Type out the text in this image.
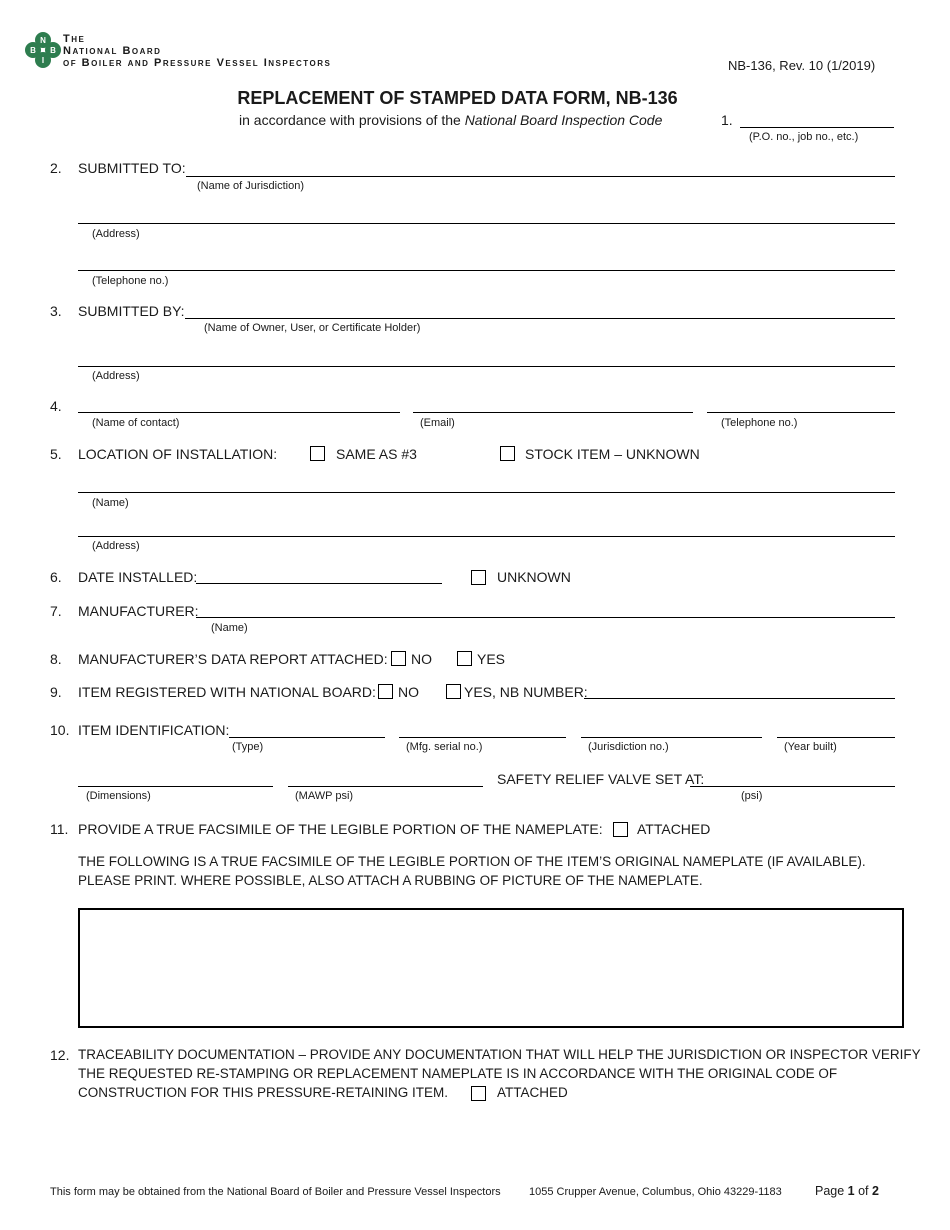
N
B B
I
The
National Board
of Boiler and Pressure Vessel Inspectors	NB-136, Rev. 10 (1/2019)
REPLACEMENT OF STAMPED DATA FORM, NB-136
in accordance with provisions of the National Board Inspection Code	1.
(P.O. no., job no., etc.)
2. SUBMITTED TO:
(Name of Jurisdiction)
(Address)
(Telephone no.)
3. SUBMITTED BY:
(Name of Owner, User, or Certificate Holder)
(Address)
4.
(Name of contact)	(Email)	(Telephone no.)
5. LOCATION OF INSTALLATION:	SAME AS #3	STOCK ITEM – UNKNOWN
(Name)
(Address)
6. DATE INSTALLED:	UNKNOWN
7. MANUFACTURER:
(Name)
8. MANUFACTURER’S DATA REPORT ATTACHED: NO	YES
9. ITEM REGISTERED WITH NATIONAL BOARD: NO	YES, NB NUMBER:
10. ITEM IDENTIFICATION:
(Type)	(Mfg. serial no.)	(Jurisdiction no.)	(Year built)
(Dimensions)	(MAWP psi)
SAFETY RELIEF VALVE SET AT:
(psi)
11. PROVIDE A TRUE FACSIMILE OF THE LEGIBLE PORTION OF THE NAMEPLATE: ATTACHED
THE FOLLOWING IS A TRUE FACSIMILE OF THE LEGIBLE PORTION OF THE ITEM’S ORIGINAL NAMEPLATE (IF AVAILABLE). PLEASE PRINT. WHERE POSSIBLE, ALSO ATTACH A RUBBING OF PICTURE OF THE NAMEPLATE.
12. TRACEABILITY DOCUMENTATION – PROVIDE ANY DOCUMENTATION THAT WILL HELP THE JURISDICTION OR INSPECTOR VERIFY
THE REQUESTED RE-STAMPING OR REPLACEMENT NAMEPLATE IS IN ACCORDANCE WITH THE ORIGINAL CODE OF
CONSTRUCTION FOR THIS PRESSURE-RETAINING ITEM.	ATTACHED
This form may be obtained from the National Board of Boiler and Pressure Vessel Inspectors	1055 Crupper Avenue, Columbus, Ohio 43229-1183	Page 1 of 2
